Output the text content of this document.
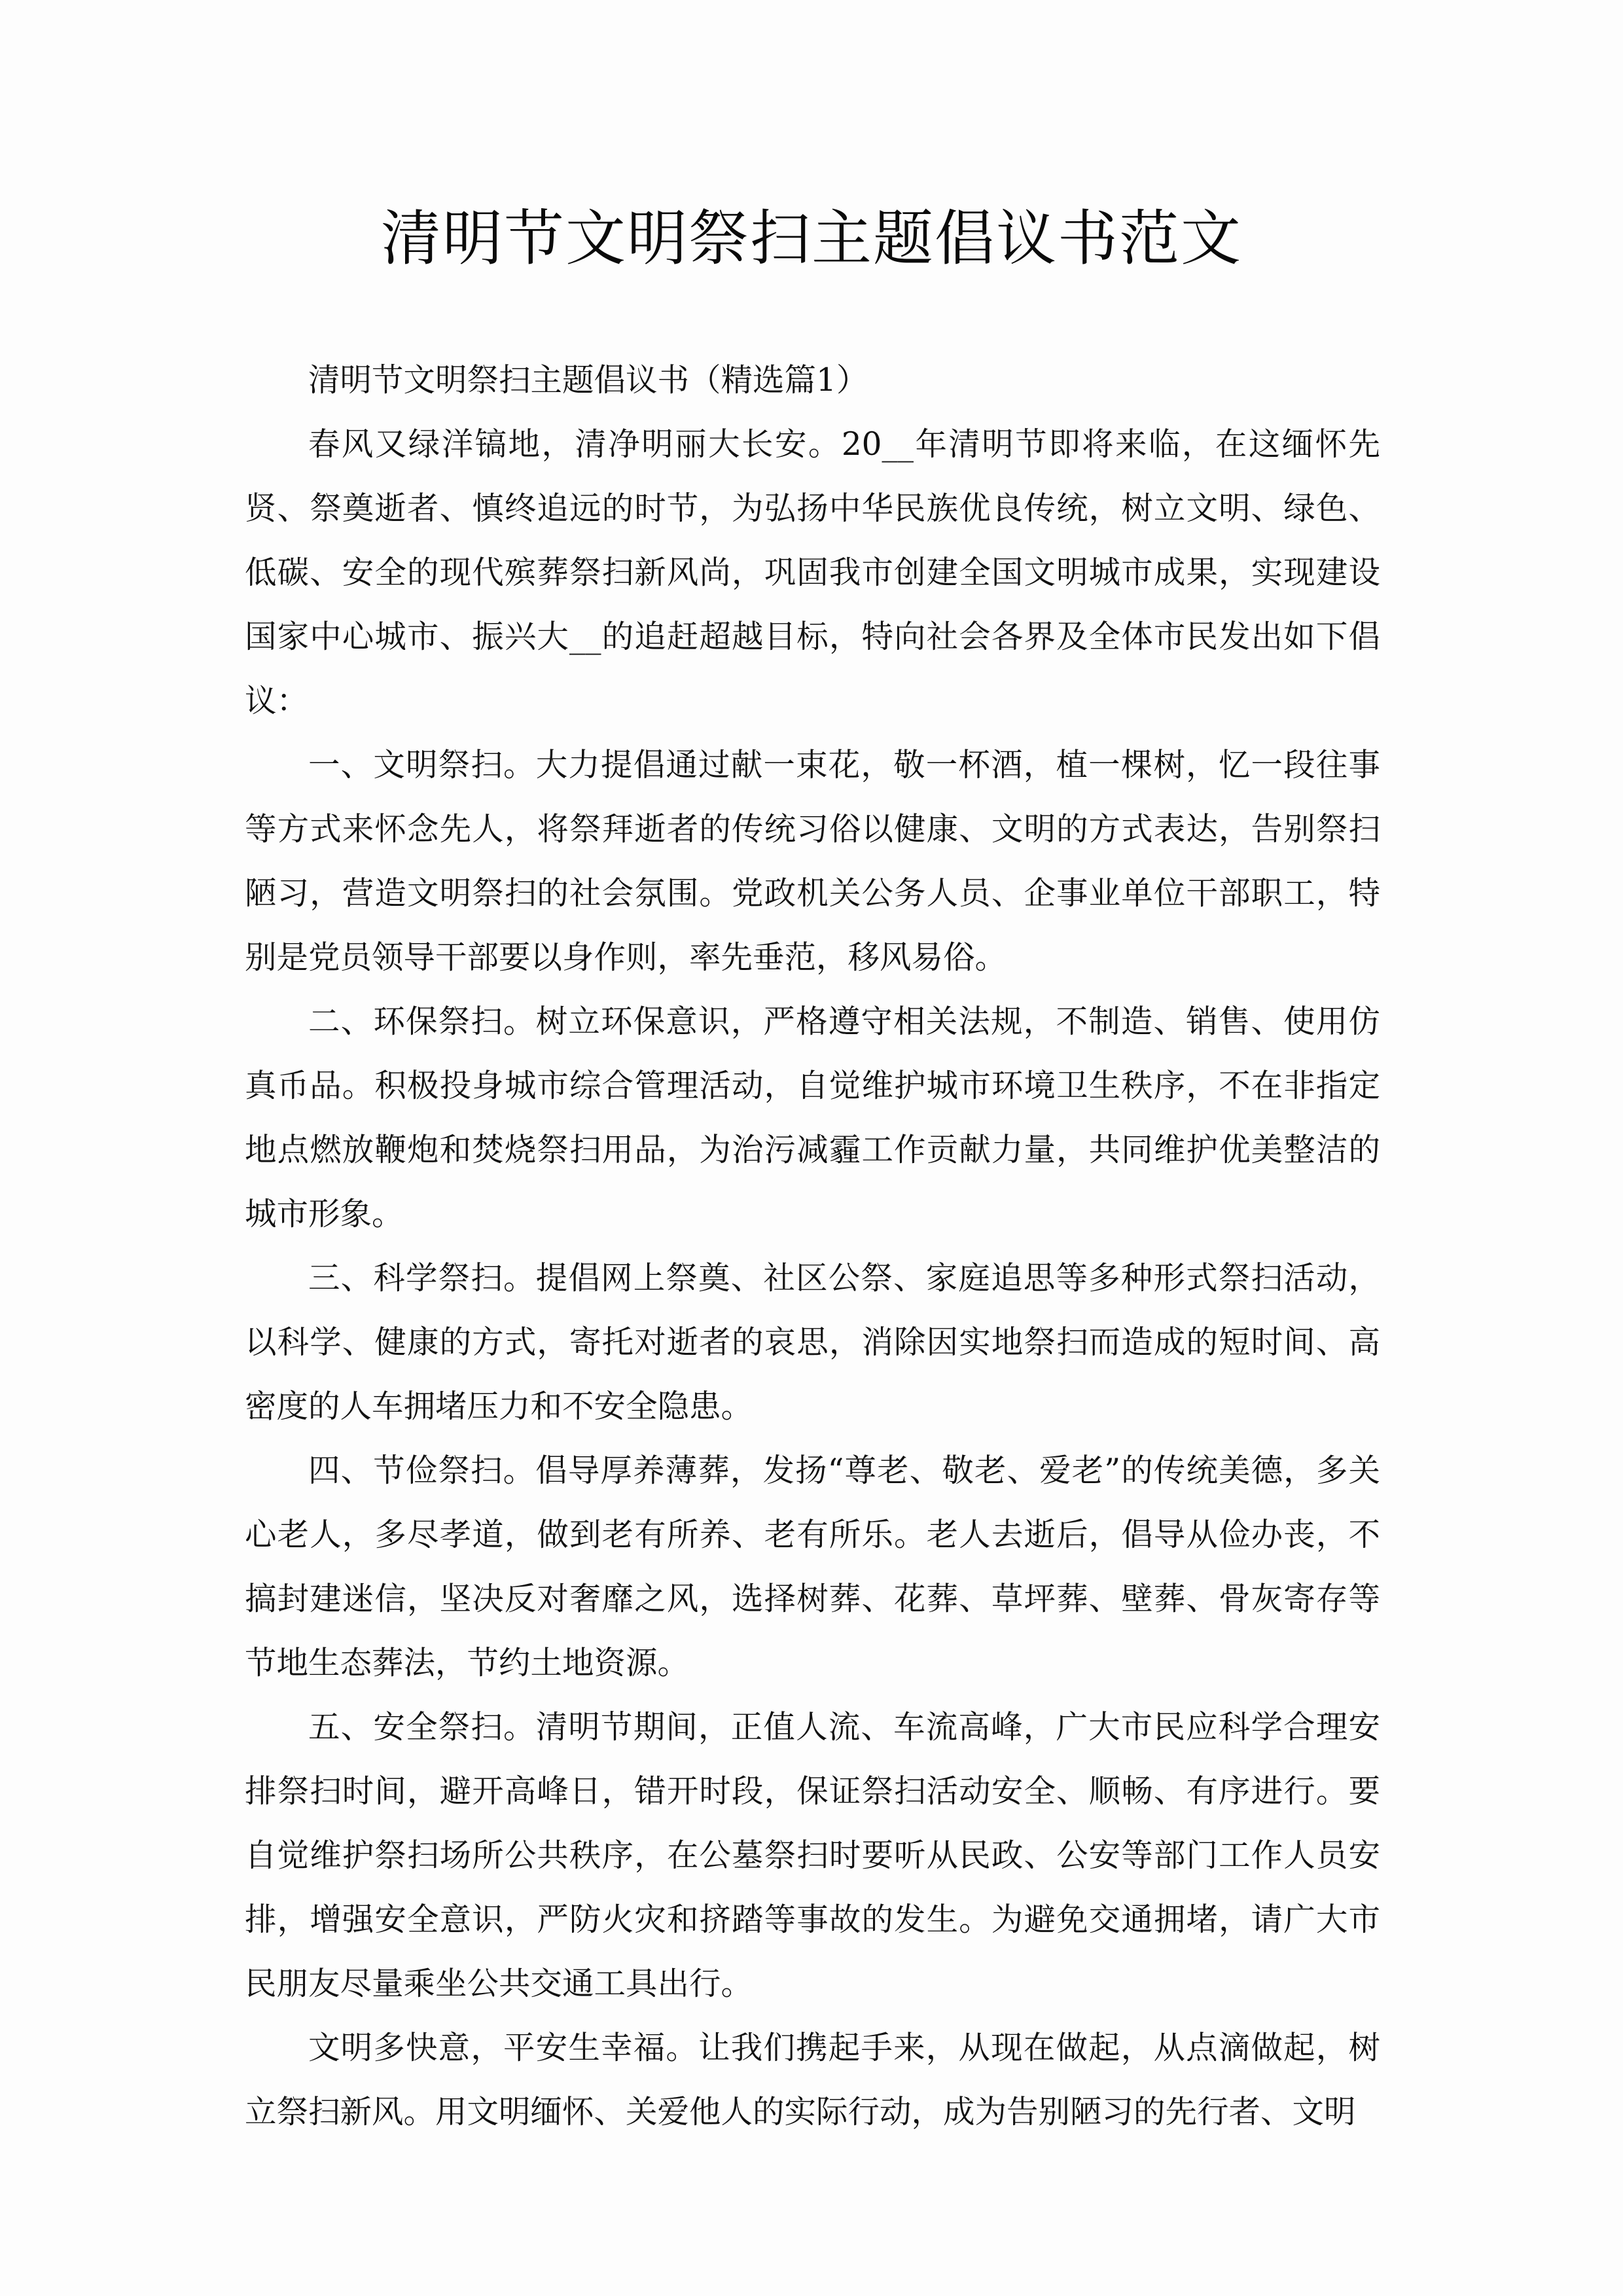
清明节文明祭扫主题倡议书范文

清明节文明祭扫主题倡议书（精选篇1）

春风又绿洋镐地，清净明丽大长安。20__年清明节即将来临，在这缅怀先贤、祭奠逝者、慎终追远的时节，为弘扬中华民族优良传统，树立文明、绿色、低碳、安全的现代殡葬祭扫新风尚，巩固我市创建全国文明城市成果，实现建设国家中心城市、振兴大__的追赶超越目标，特向社会各界及全体市民发出如下倡议：

一、文明祭扫。大力提倡通过献一束花，敬一杯酒，植一棵树，忆一段往事等方式来怀念先人，将祭拜逝者的传统习俗以健康、文明的方式表达，告别祭扫陋习，营造文明祭扫的社会氛围。党政机关公务人员、企事业单位干部职工，特别是党员领导干部要以身作则，率先垂范，移风易俗。

二、环保祭扫。树立环保意识，严格遵守相关法规，不制造、销售、使用仿真币品。积极投身城市综合管理活动，自觉维护城市环境卫生秩序，不在非指定地点燃放鞭炮和焚烧祭扫用品，为治污减霾工作贡献力量，共同维护优美整洁的城市形象。

三、科学祭扫。提倡网上祭奠、社区公祭、家庭追思等多种形式祭扫活动，以科学、健康的方式，寄托对逝者的哀思，消除因实地祭扫而造成的短时间、高密度的人车拥堵压力和不安全隐患。

四、节俭祭扫。倡导厚养薄葬，发扬“尊老、敬老、爱老”的传统美德，多关心老人，多尽孝道，做到老有所养、老有所乐。老人去逝后，倡导从俭办丧，不搞封建迷信，坚决反对奢靡之风，选择树葬、花葬、草坪葬、壁葬、骨灰寄存等节地生态葬法，节约土地资源。

五、安全祭扫。清明节期间，正值人流、车流高峰，广大市民应科学合理安排祭扫时间，避开高峰日，错开时段，保证祭扫活动安全、顺畅、有序进行。要自觉维护祭扫场所公共秩序，在公墓祭扫时要听从民政、公安等部门工作人员安排，增强安全意识，严防火灾和挤踏等事故的发生。为避免交通拥堵，请广大市民朋友尽量乘坐公共交通工具出行。

文明多快意，平安生幸福。让我们携起手来，从现在做起，从点滴做起，树立祭扫新风。用文明缅怀、关爱他人的实际行动，成为告别陋习的先行者、文明
